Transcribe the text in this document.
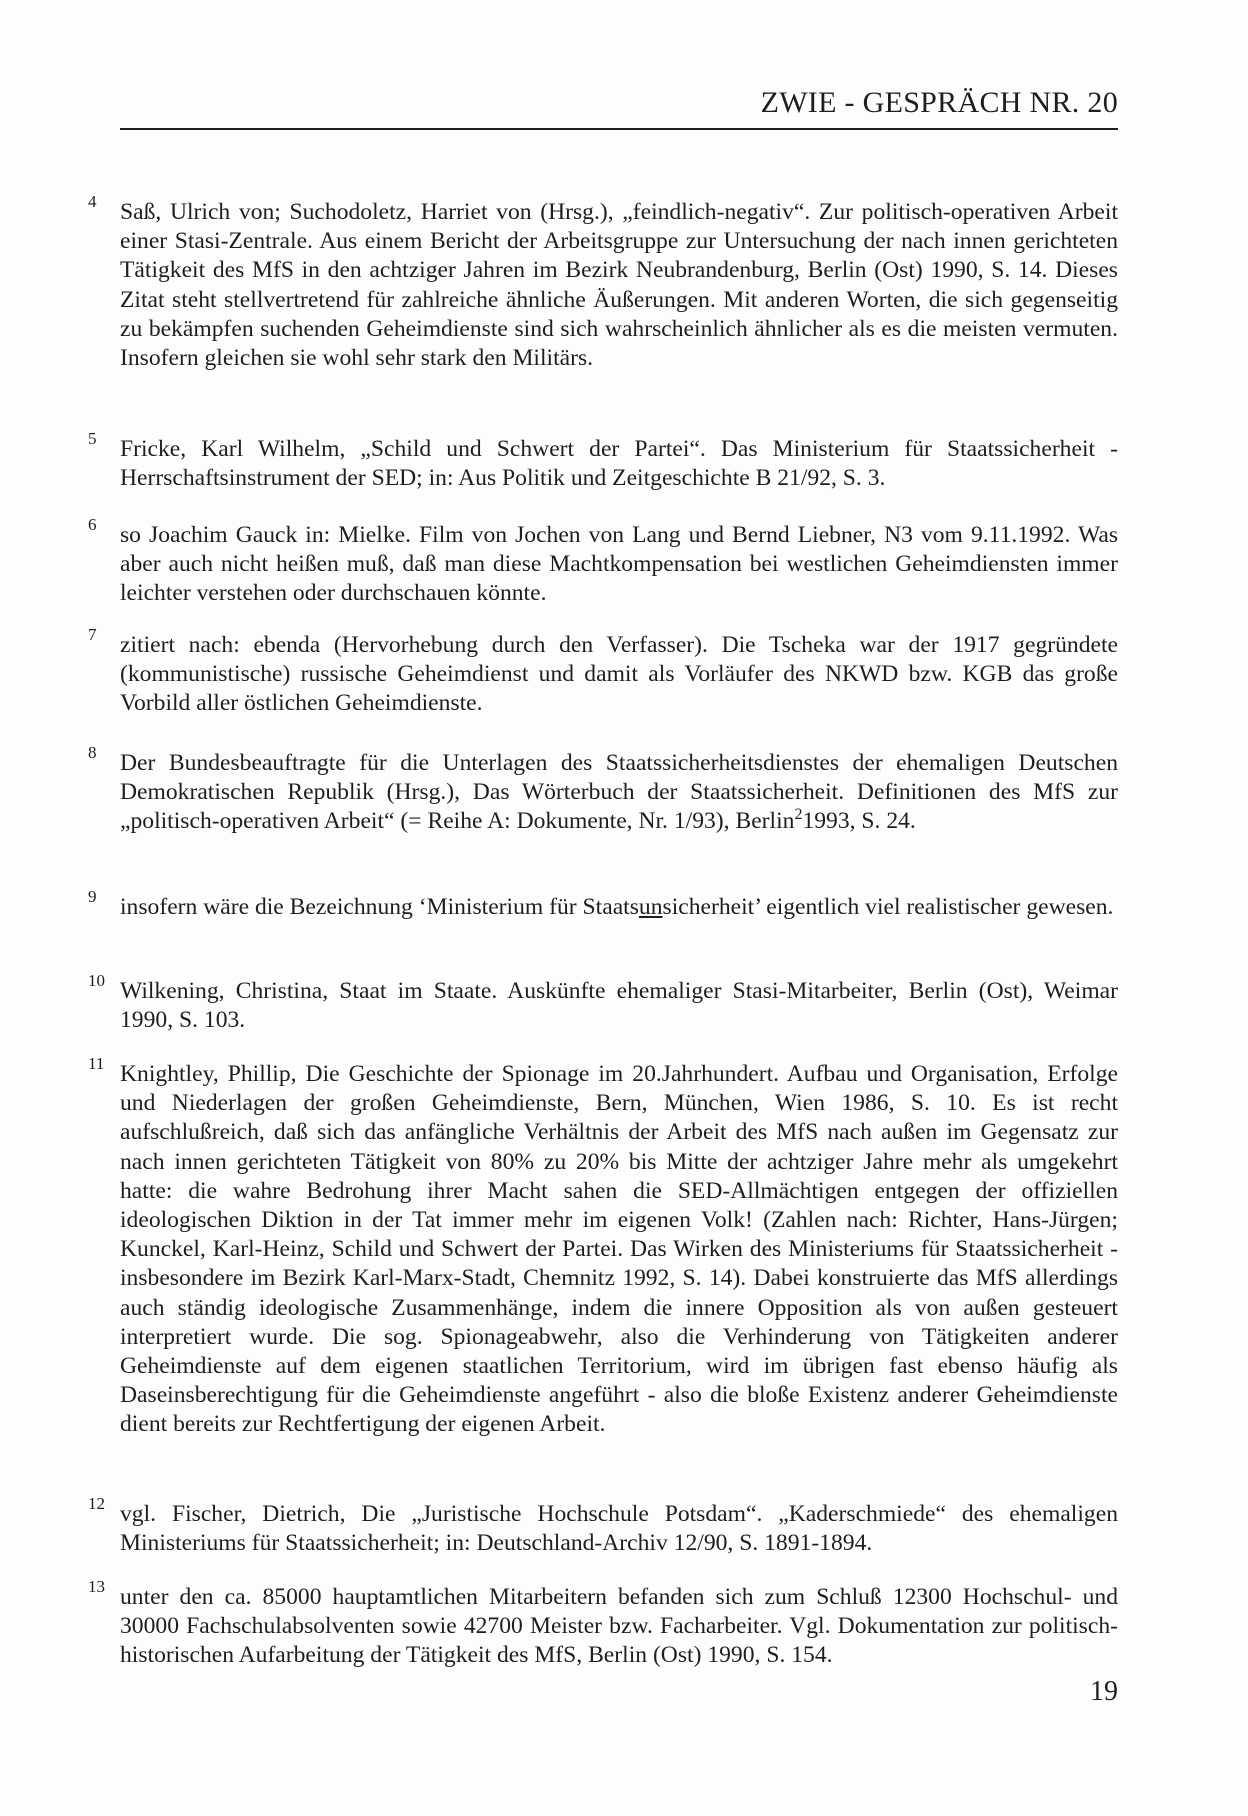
ZWIE - GESPRÄCH NR. 20
4 Saß, Ulrich von; Suchodoletz, Harriet von (Hrsg.), „feindlich-negativ“. Zur politisch-operativen Arbeit einer Stasi-Zentrale. Aus einem Bericht der Arbeitsgruppe zur Untersuchung der nach innen gerichteten Tätigkeit des MfS in den achtziger Jahren im Bezirk Neubrandenburg, Berlin (Ost) 1990, S. 14. Dieses Zitat steht stellvertretend für zahlreiche ähnliche Äußerungen. Mit anderen Worten, die sich gegenseitig zu bekämpfen suchenden Geheimdienste sind sich wahrscheinlich ähnlicher als es die meisten vermuten. Insofern gleichen sie wohl sehr stark den Militärs.
5 Fricke, Karl Wilhelm, „Schild und Schwert der Partei“. Das Ministerium für Staatssicherheit - Herrschaftsinstrument der SED; in: Aus Politik und Zeitgeschichte B 21/92, S. 3.
6 so Joachim Gauck in: Mielke. Film von Jochen von Lang und Bernd Liebner, N3 vom 9.11.1992. Was aber auch nicht heißen muß, daß man diese Machtkompensation bei westlichen Geheimdiensten immer leichter verstehen oder durchschauen könnte.
7 zitiert nach: ebenda (Hervorhebung durch den Verfasser). Die Tscheka war der 1917 gegründete (kommunistische) russische Geheimdienst und damit als Vorläufer des NKWD bzw. KGB das große Vorbild aller östlichen Geheimdienste.
8 Der Bundesbeauftragte für die Unterlagen des Staatssicherheitsdienstes der ehemaligen Deutschen Demokratischen Republik (Hrsg.), Das Wörterbuch der Staatssicherheit. Definitionen des MfS zur „politisch-operativen Arbeit“ (= Reihe A: Dokumente, Nr. 1/93), Berlin$^2$1993, S. 24.
9 insofern wäre die Bezeichnung ‘Ministerium für Staatsunsicherheit’ eigentlich viel realistischer gewesen.
10 Wilkening, Christina, Staat im Staate. Auskünfte ehemaliger Stasi-Mitarbeiter, Berlin (Ost), Weimar 1990, S. 103.
11 Knightley, Phillip, Die Geschichte der Spionage im 20.Jahrhundert. Aufbau und Organisation, Erfolge und Niederlagen der großen Geheimdienste, Bern, München, Wien 1986, S. 10. Es ist recht aufschlußreich, daß sich das anfängliche Verhältnis der Arbeit des MfS nach außen im Gegensatz zur nach innen gerichteten Tätigkeit von 80% zu 20% bis Mitte der achtziger Jahre mehr als umgekehrt hatte: die wahre Bedrohung ihrer Macht sahen die SED-Allmächtigen entgegen der offiziellen ideologischen Diktion in der Tat immer mehr im eigenen Volk! (Zahlen nach: Richter, Hans-Jürgen; Kunckel, Karl-Heinz, Schild und Schwert der Partei. Das Wirken des Ministeriums für Staatssicherheit - insbesondere im Bezirk Karl-Marx-Stadt, Chemnitz 1992, S. 14). Dabei konstruierte das MfS allerdings auch ständig ideologische Zusammenhänge, indem die innere Opposition als von außen gesteuert interpretiert wurde. Die sog. Spionageabwehr, also die Verhinderung von Tätigkeiten anderer Geheimdienste auf dem eigenen staatlichen Territorium, wird im übrigen fast ebenso häufig als Daseinsberechtigung für die Geheimdienste angeführt - also die bloße Existenz anderer Geheimdienste dient bereits zur Rechtfertigung der eigenen Arbeit.
12 vgl. Fischer, Dietrich, Die „Juristische Hochschule Potsdam“. „Kaderschmiede“ des ehemaligen Ministeriums für Staatssicherheit; in: Deutschland-Archiv 12/90, S. 1891-1894.
13 unter den ca. 85000 hauptamtlichen Mitarbeitern befanden sich zum Schluß 12300 Hochschul- und 30000 Fachschulabsolventen sowie 42700 Meister bzw. Facharbeiter. Vgl. Dokumentation zur politisch-historischen Aufarbeitung der Tätigkeit des MfS, Berlin (Ost) 1990, S. 154.
19
